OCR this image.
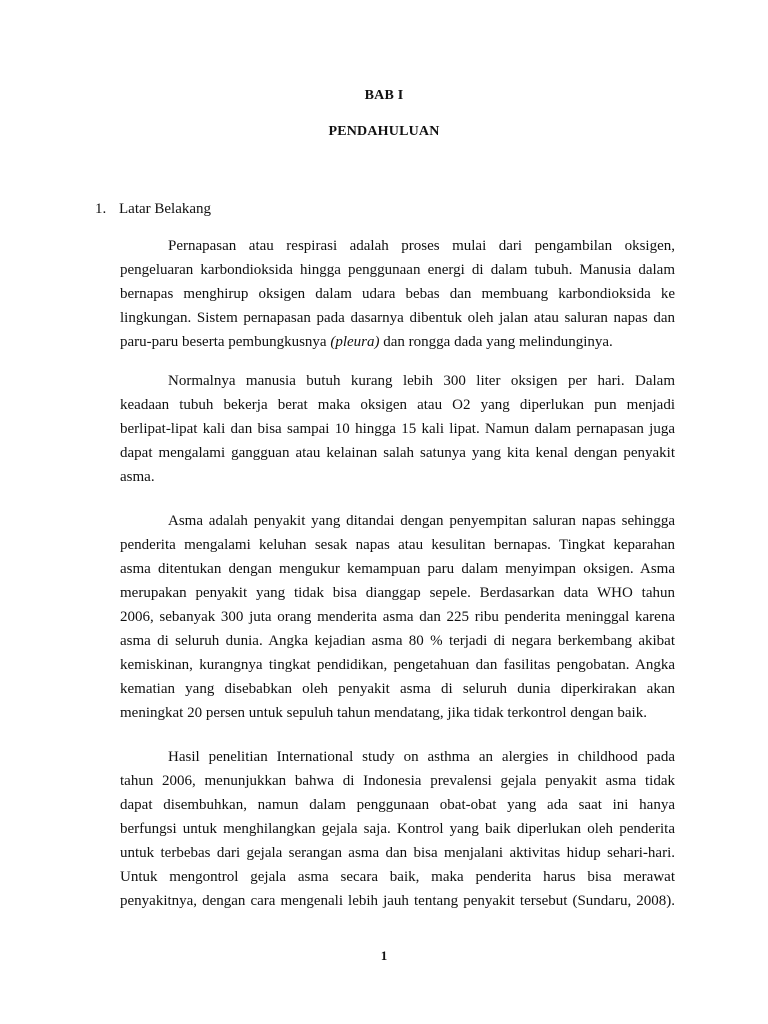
BAB I
PENDAHULUAN
1. Latar Belakang
Pernapasan atau respirasi adalah proses mulai dari pengambilan oksigen,
pengeluaran karbondioksida hingga penggunaan energi di dalam tubuh. Manusia dalam
bernapas menghirup oksigen dalam udara bebas dan membuang karbondioksida ke
lingkungan. Sistem pernapasan pada dasarnya dibentuk oleh jalan atau saluran napas dan
paru-paru beserta pembungkusnya (pleura) dan rongga dada yang melindunginya.
Normalnya manusia butuh kurang lebih 300 liter oksigen per hari. Dalam
keadaan tubuh bekerja berat maka oksigen atau O2 yang diperlukan pun menjadi
berlipat-lipat kali dan bisa sampai 10 hingga 15 kali lipat. Namun dalam pernapasan juga
dapat mengalami gangguan atau kelainan salah satunya yang kita kenal dengan penyakit
asma.
Asma adalah penyakit yang ditandai dengan penyempitan saluran napas sehingga
penderita mengalami keluhan sesak napas atau kesulitan bernapas. Tingkat keparahan
asma ditentukan dengan mengukur kemampuan paru dalam menyimpan oksigen. Asma
merupakan penyakit yang tidak bisa dianggap sepele. Berdasarkan data WHO tahun
2006, sebanyak 300 juta orang menderita asma dan 225 ribu penderita meninggal karena
asma di seluruh dunia. Angka kejadian asma 80 % terjadi di negara berkembang akibat
kemiskinan, kurangnya tingkat pendidikan, pengetahuan dan fasilitas pengobatan. Angka
kematian yang disebabkan oleh penyakit asma di seluruh dunia diperkirakan akan
meningkat 20 persen untuk sepuluh tahun mendatang, jika tidak terkontrol dengan baik.
Hasil penelitian International study on asthma an alergies in childhood pada
tahun 2006, menunjukkan bahwa di Indonesia prevalensi gejala penyakit asma tidak
dapat disembuhkan, namun dalam penggunaan obat-obat yang ada saat ini hanya
berfungsi untuk menghilangkan gejala saja. Kontrol yang baik diperlukan oleh penderita
untuk terbebas dari gejala serangan asma dan bisa menjalani aktivitas hidup sehari-hari.
Untuk mengontrol gejala asma secara baik, maka penderita harus bisa merawat
penyakitnya, dengan cara mengenali lebih jauh tentang penyakit tersebut (Sundaru, 2008).
1
